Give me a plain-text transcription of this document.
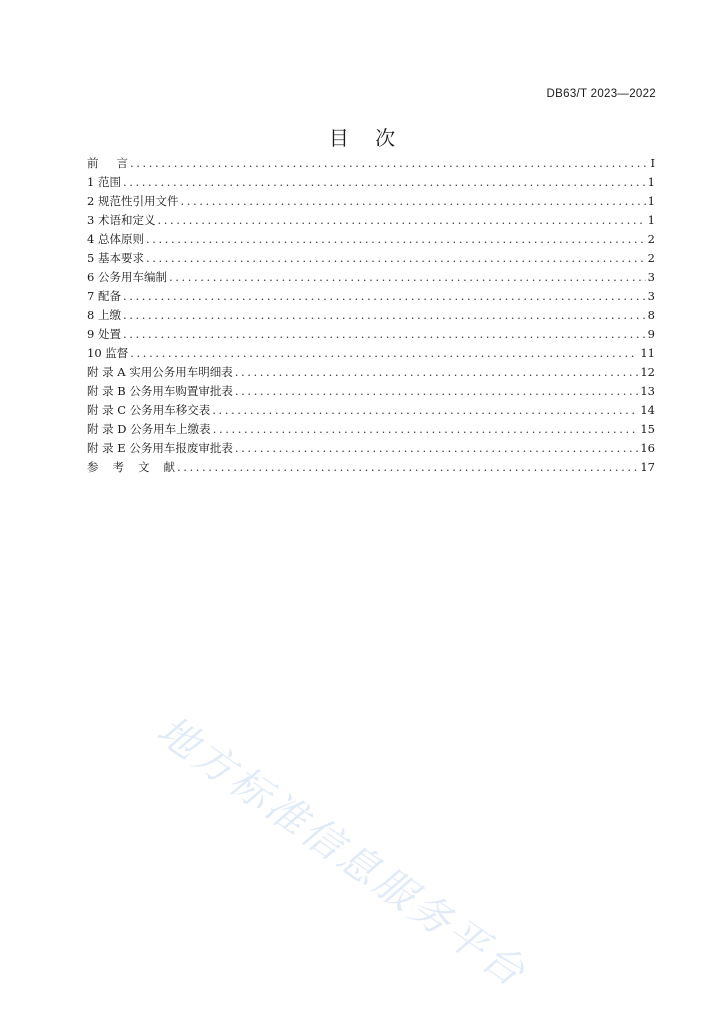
DB63/T 2023—2022
目 次
前言 .....	I
1 范围 .....	1
2 规范性引用文件 .....	1
3 术语和定义 .....	1
4 总体原则 .....	2
5 基本要求 .....	2
6 公务用车编制 .....	3
7 配备 .....	3
8 上缴 .....	8
9 处置 .....	9
10 监督 .....	11
附 录 A 实用公务用车明细表 .....	12
附 录 B 公务用车购置审批表 .....	13
附 录 C 公务用车移交表 .....	14
附 录 D 公务用车上缴表 .....	15
附 录 E 公务用车报废审批表 .....	16
参考文献 .....	17
地方标准信息服务平台
